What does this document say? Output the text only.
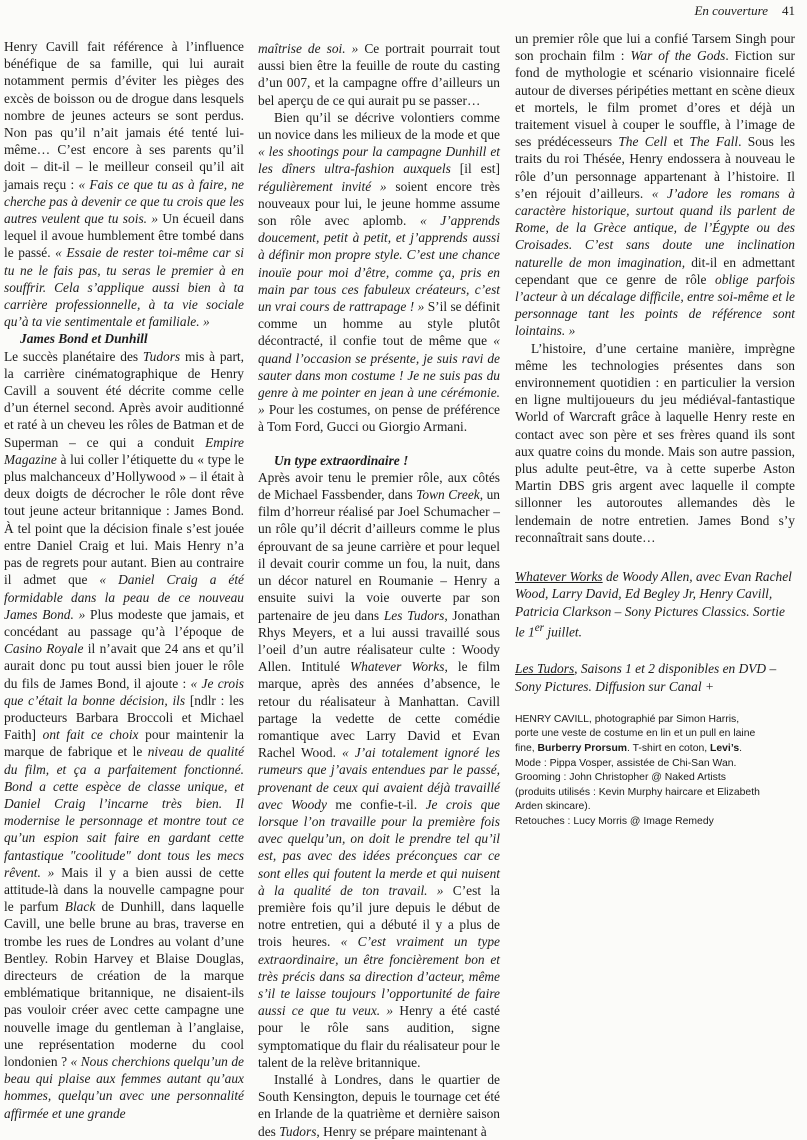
En couverture 41

Henry Cavill fait référence à l’influence bénéfique de sa famille, qui lui aurait notamment permis d’éviter les pièges des excès de boisson ou de drogue dans lesquels nombre de jeunes acteurs se sont perdus. Non pas qu’il n’ait jamais été tenté lui-même… C’est encore à ses parents qu’il doit – dit-il – le meilleur conseil qu’il ait jamais reçu : « Fais ce que tu as à faire, ne cherche pas à devenir ce que tu crois que les autres veulent que tu sois. » Un écueil dans lequel il avoue humblement être tombé dans le passé. « Essaie de rester toi-même car si tu ne le fais pas, tu seras le premier à en souffrir. Cela s’applique aussi bien à ta carrière professionnelle, à ta vie sociale qu’à ta vie sentimentale et familiale. »

James Bond et Dunhill

Le succès planétaire des Tudors mis à part, la carrière cinématographique de Henry Cavill a souvent été décrite comme celle d’un éternel second. Après avoir auditionné et raté à un cheveu les rôles de Batman et de Superman – ce qui a conduit Empire Magazine à lui coller l’étiquette du « type le plus malchanceux d’Hollywood » – il était à deux doigts de décrocher le rôle dont rêve tout jeune acteur britannique : James Bond. À tel point que la décision finale s’est jouée entre Daniel Craig et lui. Mais Henry n’a pas de regrets pour autant. Bien au contraire il admet que « Daniel Craig a été formidable dans la peau de ce nouveau James Bond. » Plus modeste que jamais, et concédant au passage qu’à l’époque de Casino Royale il n’avait que 24 ans et qu’il aurait donc pu tout aussi bien jouer le rôle du fils de James Bond, il ajoute : « Je crois que c’était la bonne décision, ils [ndlr : les producteurs Barbara Broccoli et Michael Faith] ont fait ce choix pour maintenir la marque de fabrique et le niveau de qualité du film, et ça a parfaitement fonctionné. Bond a cette espèce de classe unique, et Daniel Craig l’incarne très bien. Il modernise le personnage et montre tout ce qu’un espion sait faire en gardant cette fantastique "coolitude" dont tous les mecs rêvent. » Mais il y a bien aussi de cette attitude-là dans la nouvelle campagne pour le parfum Black de Dunhill, dans laquelle Cavill, une belle brune au bras, traverse en trombe les rues de Londres au volant d’une Bentley. Robin Harvey et Blaise Douglas, directeurs de création de la marque emblématique britannique, ne disaient-ils pas vouloir créer avec cette campagne une nouvelle image du gentleman à l’anglaise, une représentation moderne du cool londonien ? « Nous cherchions quelqu’un de beau qui plaise aux femmes autant qu’aux hommes, quelqu’un avec une personnalité affirmée et une grande

maîtrise de soi. » Ce portrait pourrait tout aussi bien être la feuille de route du casting d’un 007, et la campagne offre d’ailleurs un bel aperçu de ce qui aurait pu se passer…

Bien qu’il se décrive volontiers comme un novice dans les milieux de la mode et que « les shootings pour la campagne Dunhill et les dîners ultra-fashion auxquels [il est] régulièrement invité » soient encore très nouveaux pour lui, le jeune homme assume son rôle avec aplomb. « J’apprends doucement, petit à petit, et j’apprends aussi à définir mon propre style. C’est une chance inouïe pour moi d’être, comme ça, pris en main par tous ces fabuleux créateurs, c’est un vrai cours de rattrapage ! » S’il se définit comme un homme au style plutôt décontracté, il confie tout de même que « quand l’occasion se présente, je suis ravi de sauter dans mon costume ! Je ne suis pas du genre à me pointer en jean à une cérémonie. » Pour les costumes, on pense de préférence à Tom Ford, Gucci ou Giorgio Armani.

Un type extraordinaire !

Après avoir tenu le premier rôle, aux côtés de Michael Fassbender, dans Town Creek, un film d’horreur réalisé par Joel Schumacher – un rôle qu’il décrit d’ailleurs comme le plus éprouvant de sa jeune carrière et pour lequel il devait courir comme un fou, la nuit, dans un décor naturel en Roumanie – Henry a ensuite suivi la voie ouverte par son partenaire de jeu dans Les Tudors, Jonathan Rhys Meyers, et a lui aussi travaillé sous l’oeil d’un autre réalisateur culte : Woody Allen. Intitulé Whatever Works, le film marque, après des années d’absence, le retour du réalisateur à Manhattan. Cavill partage la vedette de cette comédie romantique avec Larry David et Evan Rachel Wood. « J’ai totalement ignoré les rumeurs que j’avais entendues par le passé, provenant de ceux qui avaient déjà travaillé avec Woody me confie-t-il. Je crois que lorsque l’on travaille pour la première fois avec quelqu’un, on doit le prendre tel qu’il est, pas avec des idées préconçues car ce sont elles qui foutent la merde et qui nuisent à la qualité de ton travail. » C’est la première fois qu’il jure depuis le début de notre entretien, qui a débuté il y a plus de trois heures. « C’est vraiment un type extraordinaire, un être foncièrement bon et très précis dans sa direction d’acteur, même s’il te laisse toujours l’opportunité de faire aussi ce que tu veux. » Henry a été casté pour le rôle sans audition, signe symptomatique du flair du réalisateur pour le talent de la relève britannique.

Installé à Londres, dans le quartier de South Kensington, depuis le tournage cet été en Irlande de la quatrième et dernière saison des Tudors, Henry se prépare maintenant à

un premier rôle que lui a confié Tarsem Singh pour son prochain film : War of the Gods. Fiction sur fond de mythologie et scénario visionnaire ficelé autour de diverses péripéties mettant en scène dieux et mortels, le film promet d’ores et déjà un traitement visuel à couper le souffle, à l’image de ses prédécesseurs The Cell et The Fall. Sous les traits du roi Thésée, Henry endossera à nouveau le rôle d’un personnage appartenant à l’histoire. Il s’en réjouit d’ailleurs. « J’adore les romans à caractère historique, surtout quand ils parlent de Rome, de la Grèce antique, de l’Égypte ou des Croisades. C’est sans doute une inclination naturelle de mon imagination, dit-il en admettant cependant que ce genre de rôle oblige parfois l’acteur à un décalage difficile, entre soi-même et le personnage tant les points de référence sont lointains. »

L’histoire, d’une certaine manière, imprègne même les technologies présentes dans son environnement quotidien : en particulier la version en ligne multijoueurs du jeu médiéval-fantastique World of Warcraft grâce à laquelle Henry reste en contact avec son père et ses frères quand ils sont aux quatre coins du monde. Mais son autre passion, plus adulte peut-être, va à cette superbe Aston Martin DBS gris argent avec laquelle il compte sillonner les autoroutes allemandes dès le lendemain de notre entretien. James Bond s’y reconnaîtrait sans doute…

Whatever Works de Woody Allen, avec Evan Rachel Wood, Larry David, Ed Begley Jr, Henry Cavill, Patricia Clarkson – Sony Pictures Classics. Sortie le 1er juillet.

Les Tudors, Saisons 1 et 2 disponibles en DVD – Sony Pictures. Diffusion sur Canal +

HENRY CAVILL, photographié par Simon Harris, porte une veste de costume en lin et un pull en laine fine, Burberry Prorsum. T-shirt en coton, Levi’s.
Mode : Pippa Vosper, assistée de Chi-San Wan.
Grooming : John Christopher @ Naked Artists (produits utilisés : Kevin Murphy haircare et Elizabeth Arden skincare).
Retouches : Lucy Morris @ Image Remedy
